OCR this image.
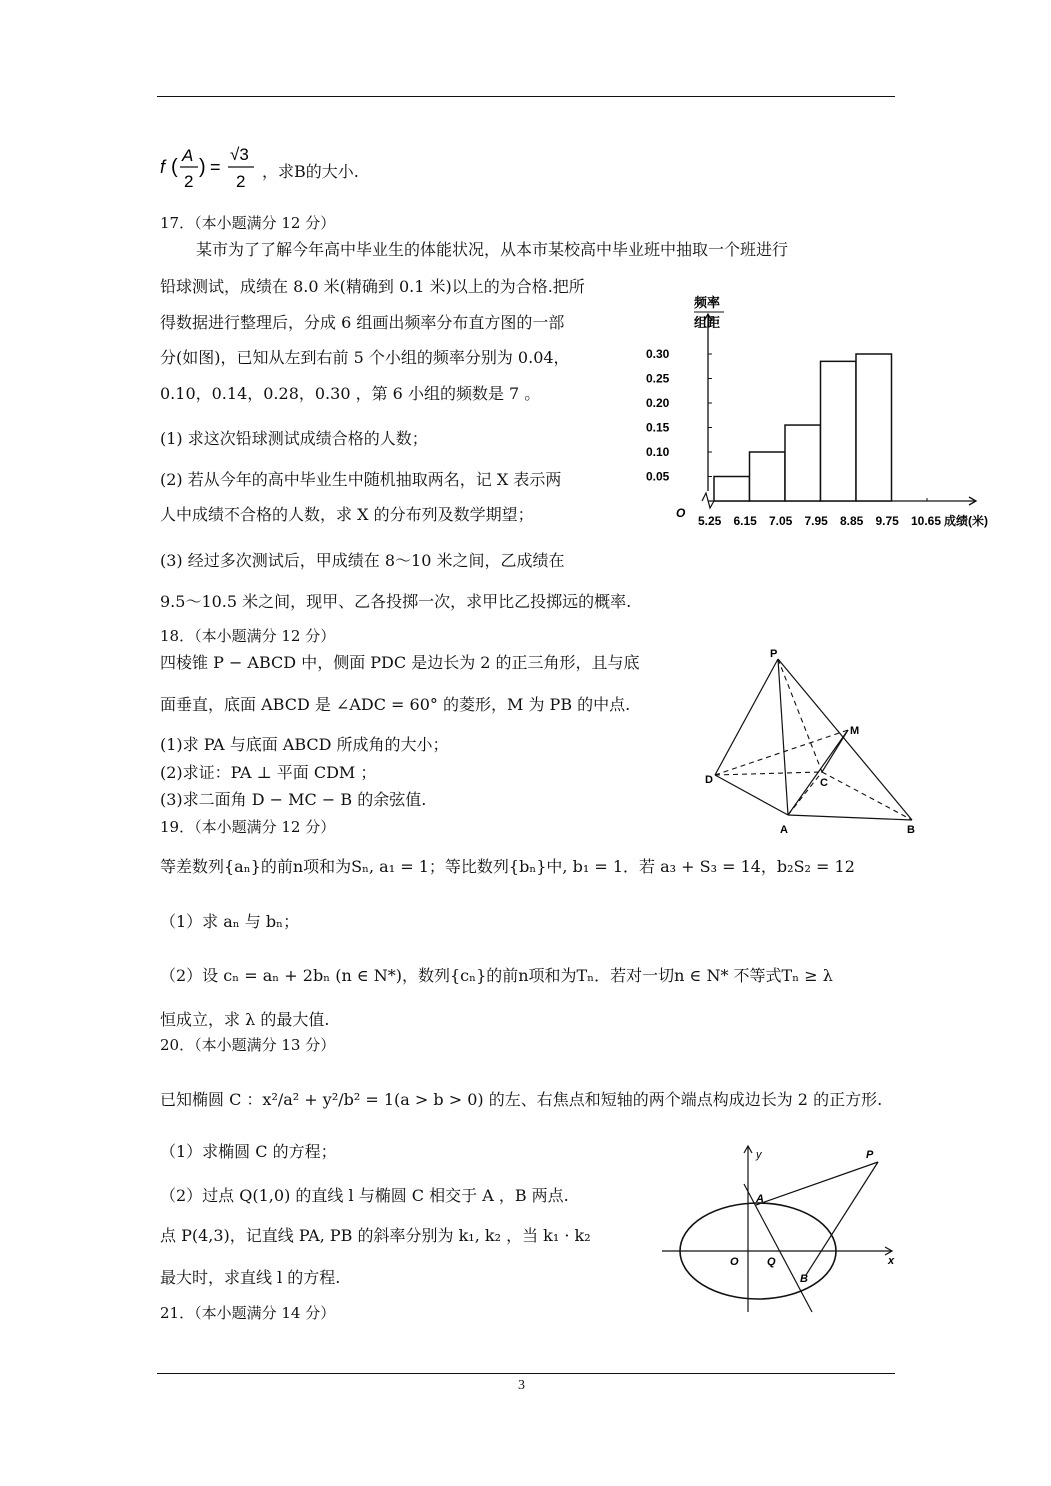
f (
A
2
) =
√3
2
，求B的大小.
17．（本小题满分 12 分）
某市为了了解今年高中毕业生的体能状况，从本市某校高中毕业班中抽取一个班进行
铅球测试，成绩在 8.0 米(精确到 0.1 米)以上的为合格.把所
得数据进行整理后，分成 6 组画出频率分布直方图的一部
分(如图)，已知从左到右前 5 个小组的频率分别为 0.04，
0.10，0.14，0.28，0.30 ，第 6 小组的频数是 7 。
(1) 求这次铅球测试成绩合格的人数；
(2) 若从今年的高中毕业生中随机抽取两名，记 X 表示两
人中成绩不合格的人数，求 X 的分布列及数学期望；
(3) 经过多次测试后，甲成绩在 8～10 米之间，乙成绩在
9.5～10.5 米之间，现甲、乙各投掷一次，求甲比乙投掷远的概率.
频率
组距
0.05
0.10
0.15
0.20
0.25
0.30
O
5.25 6.15 7.05 7.95 8.85 9.75 10.65 成绩(米)
18．（本小题满分 12 分）
四棱锥 P − ABCD 中，侧面 PDC 是边长为 2 的正三角形，且与底
面垂直，底面 ABCD 是 ∠ADC = 60° 的菱形，M 为 PB 的中点.
(1)求 PA 与底面 ABCD 所成角的大小；
(2)求证：PA ⊥ 平面 CDM ；
(3)求二面角 D − MC − B 的余弦值.
P
M
D	C
A	B
19．（本小题满分 12 分）
等差数列{aₙ}的前n项和为Sₙ, a₁ = 1；等比数列{bₙ}中, b₁ = 1．若 a₃ + S₃ = 14，b₂S₂ = 12
（1）求 aₙ 与 bₙ；
（2）设 cₙ = aₙ + 2bₙ (n ∈ N*)，数列{cₙ}的前n项和为Tₙ．若对一切n ∈ N* 不等式Tₙ ≥ λ
恒成立，求 λ 的最大值.
20．（本小题满分 13 分）
已知椭圆 C ：x²/a² + y²/b² = 1(a > b > 0) 的左、右焦点和短轴的两个端点构成边长为 2 的正方形.
（1）求椭圆 C 的方程；
（2）过点 Q(1,0) 的直线 l 与椭圆 C 相交于 A ，B 两点.
点 P(4,3)，记直线 PA, PB 的斜率分别为 k₁, k₂ ，当 k₁ · k₂
最大时，求直线 l 的方程.
y
x
P
A
O	Q
B
21．（本小题满分 14 分）
3
